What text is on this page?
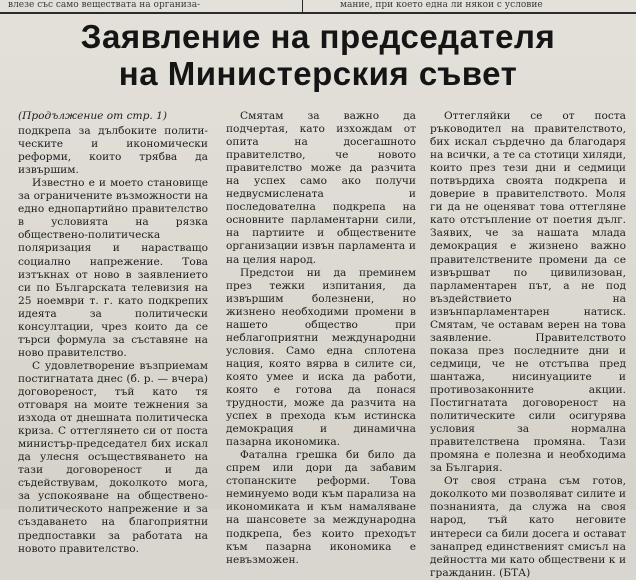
влезе със само веществата на организа-	мание, при което една ли някои с условие
Заявление на председателя
на Министерския съвет

(Продължение от стр. 1)

подкрепа за дълбоките полити-ческите и икономически реформи, които трябва да извършим.

Известно е и моето становище за ограничените възможности на едно еднопартийно правителство в условията на рязка обществено-политическа поляризация и нарастващо социално напрежение. Това изтъкнах от ново в заявлението си по Българската телевизия на 25 ноември т. г. като подкрепих идеята за политически консултации, чрез които да се търси формула за съставяне на ново правителство.

С удовлетворение възприемам постигнатата днес (б. р. — вчера) договореност, тъй като тя отговаря на моите тежнения за изхода от днешната политическа криза. С оттеглянето си от поста министър-председател бих искал да улесня осъществяването на тази договореност и да съдействувам, доколкото мога, за успокояване на обществено-политическото напрежение и за създаването на благоприятни предпоставки за работата на новото правителство.

Смятам за важно да подчертая, като изхождам от опита на досегашното правителство, че новото правителство може да разчита на успех само ако получи недвусмислената и последователна подкрепа на основните парламентарни сили, на партиите и обществените организации извън парламента и на целия народ.

Предстои ни да преминем през тежки изпитания, да извършим болезнени, но жизнено необходими промени в нашето общество при неблагоприятни международни условия. Само една сплотена нация, която вярва в силите си, която умее и иска да работи, която е готова да понася трудности, може да разчита на успех в прехода към истинска демокрация и динамична пазарна икономика.

Фатална грешка би било да спрем или дори да забавим стопанските реформи. Това неминуемо води към парализа на икономиката и към намаляване на шансовете за международна подкрепа, без които преходът към пазарна икономика е невъзможен.

Оттегляйки се от поста ръководител на правителството, бих искал сърдечно да благодаря на всички, а те са стотици хиляди, които през тези дни и седмици потвърдиха своята подкрепа и доверие в правителството. Моля ги да не оценяват това оттегляне като отстъпление от поетия дълг. Заявих, че за нашата млада демокрация е жизнено важно правителствените промени да се извършват по цивилизован, парламентарен път, а не под въздействието на извънпарламентарен натиск. Смятам, че оставам верен на това заявление. Правителството показа през последните дни и седмици, че не отстъпва пред шантажа, нисинуациите и противозаконните акции. Постигнатата договореност на политическите сили осигурява условия за нормална правителствена промяна. Тази промяна е полезна и необходима за България.

От своя страна съм готов, доколкото ми позволяват силите и познанията, да служа на своя народ, тъй като неговите интереси са били досега и остават занапред единственият смисъл на дейността ми като обществени к и гражданин. (БТА)
